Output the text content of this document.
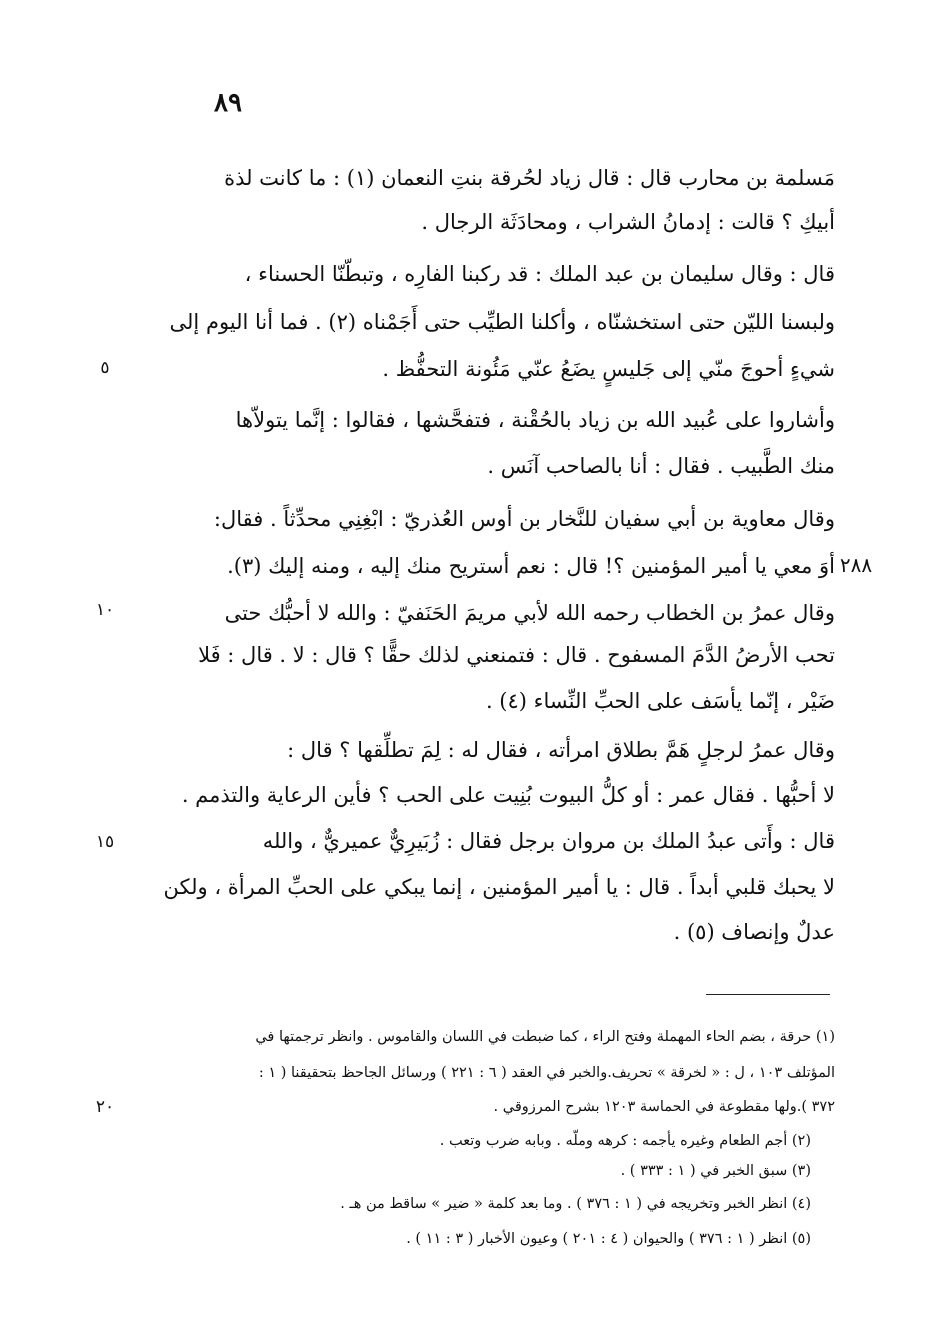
٨٩
مَسلمة بن محارب قال : قال زياد لحُرقة بنتِ النعمان (١) : ما كانت لذة
أبيكِ ؟ قالت : إدمانُ الشراب ، ومحادَثَة الرجال .
قال : وقال سليمان بن عبد الملك : قد ركبنا الفارِه ، وتبطّنّا الحسناء ،
ولبسنا الليّن حتى استخشنّاه ، وأكلنا الطيِّب حتى أَجَمْناه (٢) . فما أنا اليوم إلى
شيءٍ أحوجَ منّي إلى جَليسٍ يضَعُ عنّي مَئُونة التحفُّظ .
وأشاروا على عُبيد الله بن زياد بالحُقْنة ، فتفحَّشها ، فقالوا : إنَّما يتولاّها
منك الطَّبيب . فقال : أنا بالصاحب آنَس .
وقال معاوية بن أبي سفيان للنَّخار بن أوس العُذريّ : ابْغِنِي محدِّثاً . فقال:
أوَ معي يا أمير المؤمنين ؟! قال : نعم أستريح منك إليه ، ومنه إليك (٣).
وقال عمرُ بن الخطاب رحمه الله لأبي مريمَ الحَنَفيّ : والله لا أحبُّك حتى
تحب الأرضُ الدَّمَ المسفوح . قال : فتمنعني لذلك حقًّا ؟ قال : لا . قال : فَلا
ضَيْر ، إنّما يأسَف على الحبِّ النِّساء (٤) .
وقال عمرُ لرجلٍ هَمَّ بطلاق امرأته ، فقال له : لِمَ تطلِّقها ؟ قال :
لا أحبُّها . فقال عمر : أو كلُّ البيوت بُنِيت على الحب ؟ فأين الرعاية والتذمم .
قال : وأَتى عبدُ الملك بن مروان برجل فقال : زُبَيرِيٌّ عميريٌّ ، والله
لا يحبك قلبي أبداً . قال : يا أمير المؤمنين ، إنما يبكي على الحبِّ المرأة ، ولكن
عدلٌ وإنصاف (٥) .
٢٨٨
٥
١٠
١٥
٢٠
(١) حرقة ، بضم الحاء المهملة وفتح الراء ، كما ضبطت في اللسان والقاموس . وانظر ترجمتها في
المؤتلف ١٠٣ ، ل : « لخرقة » تحريف.والخبر في العقد ( ٦ : ٢٢١ ) ورسائل الجاحظ بتحقيقنا ( ١ :
٣٧٢ ).ولها مقطوعة في الحماسة ١٢٠٣ بشرح المرزوقي .
(٢) أجم الطعام وغيره يأجمه : كرهه وملّه . وبابه ضرب وتعب .
(٣) سبق الخبر في ( ١ : ٣٣٣ ) .
(٤) انظر الخبر وتخريجه في ( ١ : ٣٧٦ ) . وما بعد كلمة « ضير » ساقط من هـ .
(٥) انظر ( ١ : ٣٧٦ ) والحيوان ( ٤ : ٢٠١ ) وعيون الأخبار ( ٣ : ١١ ) .
